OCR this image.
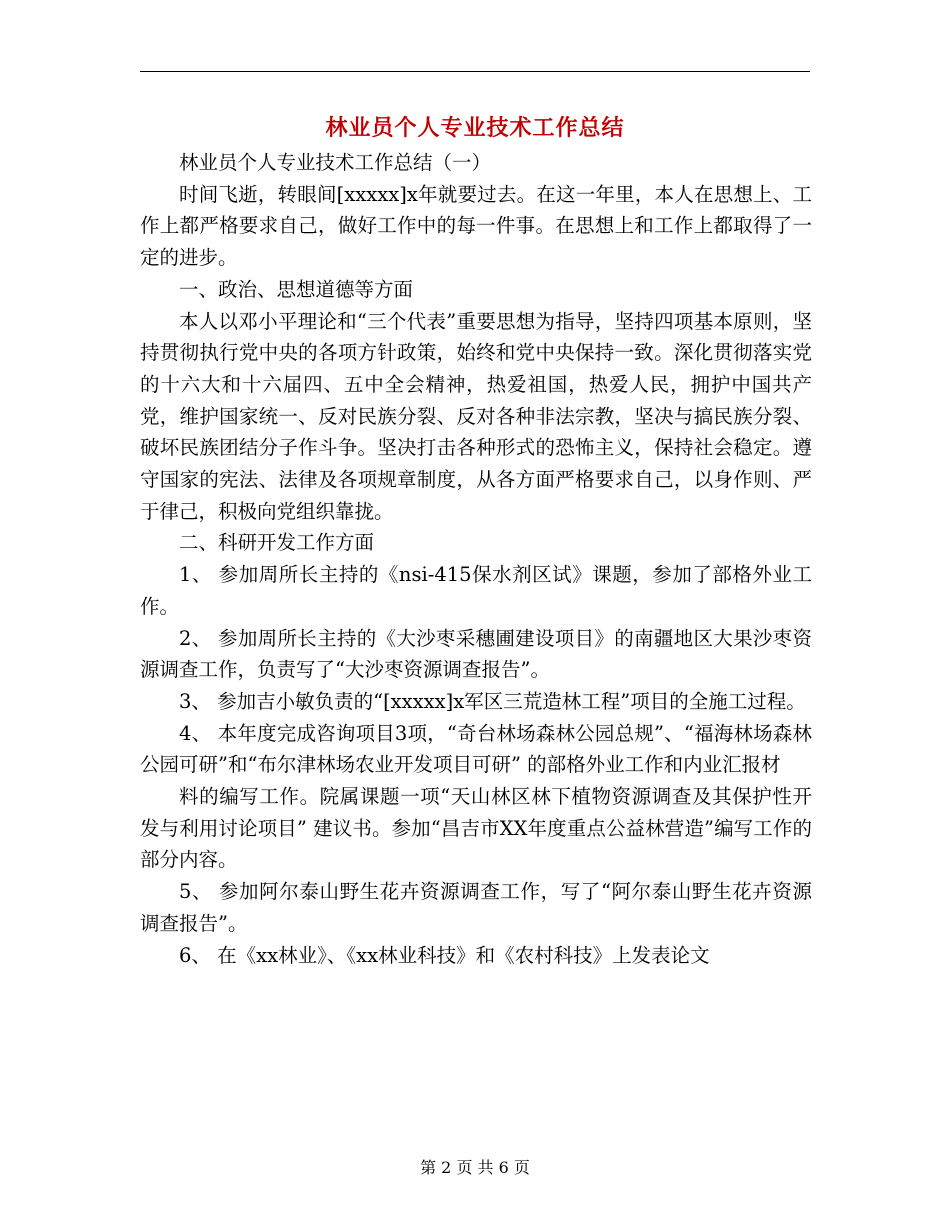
林业员个人专业技术工作总结

林业员个人专业技术工作总结（一）

时间飞逝，转眼间[xxxxx]x年就要过去。在这一年里，本人在思想上、工作上都严格要求自己，做好工作中的每一件事。在思想上和工作上都取得了一定的进步。

一、政治、思想道德等方面

本人以邓小平理论和“三个代表”重要思想为指导，坚持四项基本原则，坚持贯彻执行党中央的各项方针政策，始终和党中央保持一致。深化贯彻落实党的十六大和十六届四、五中全会精神，热爱祖国，热爱人民，拥护中国共产党，维护国家统一、反对民族分裂、反对各种非法宗教，坚决与搞民族分裂、破坏民族团结分子作斗争。坚决打击各种形式的恐怖主义，保持社会稳定。遵守国家的宪法、法律及各项规章制度，从各方面严格要求自己，以身作则、严于律己，积极向党组织靠拢。

二、科研开发工作方面

1、 参加周所长主持的《nsi-415保水剂区试》课题，参加了部格外业工作。

2、 参加周所长主持的《大沙枣采穗圃建设项目》的南疆地区大果沙枣资源调查工作，负责写了“大沙枣资源调查报告”。

3、 参加吉小敏负责的“[xxxxx]x军区三荒造林工程”项目的全施工过程。

4、 本年度完成咨询项目3项，“奇台林场森林公园总规”、“福海林场森林公园可研”和“布尔津林场农业开发项目可研” 的部格外业工作和内业汇报材

料的编写工作。院属课题一项“天山林区林下植物资源调查及其保护性开发与利用讨论项目” 建议书。参加“昌吉市XX年度重点公益林营造”编写工作的部分内容。

5、 参加阿尔泰山野生花卉资源调查工作，写了“阿尔泰山野生花卉资源调查报告”。

6、 在《xx林业》、《xx林业科技》和《农村科技》上发表论文

第 2 页 共 6 页
